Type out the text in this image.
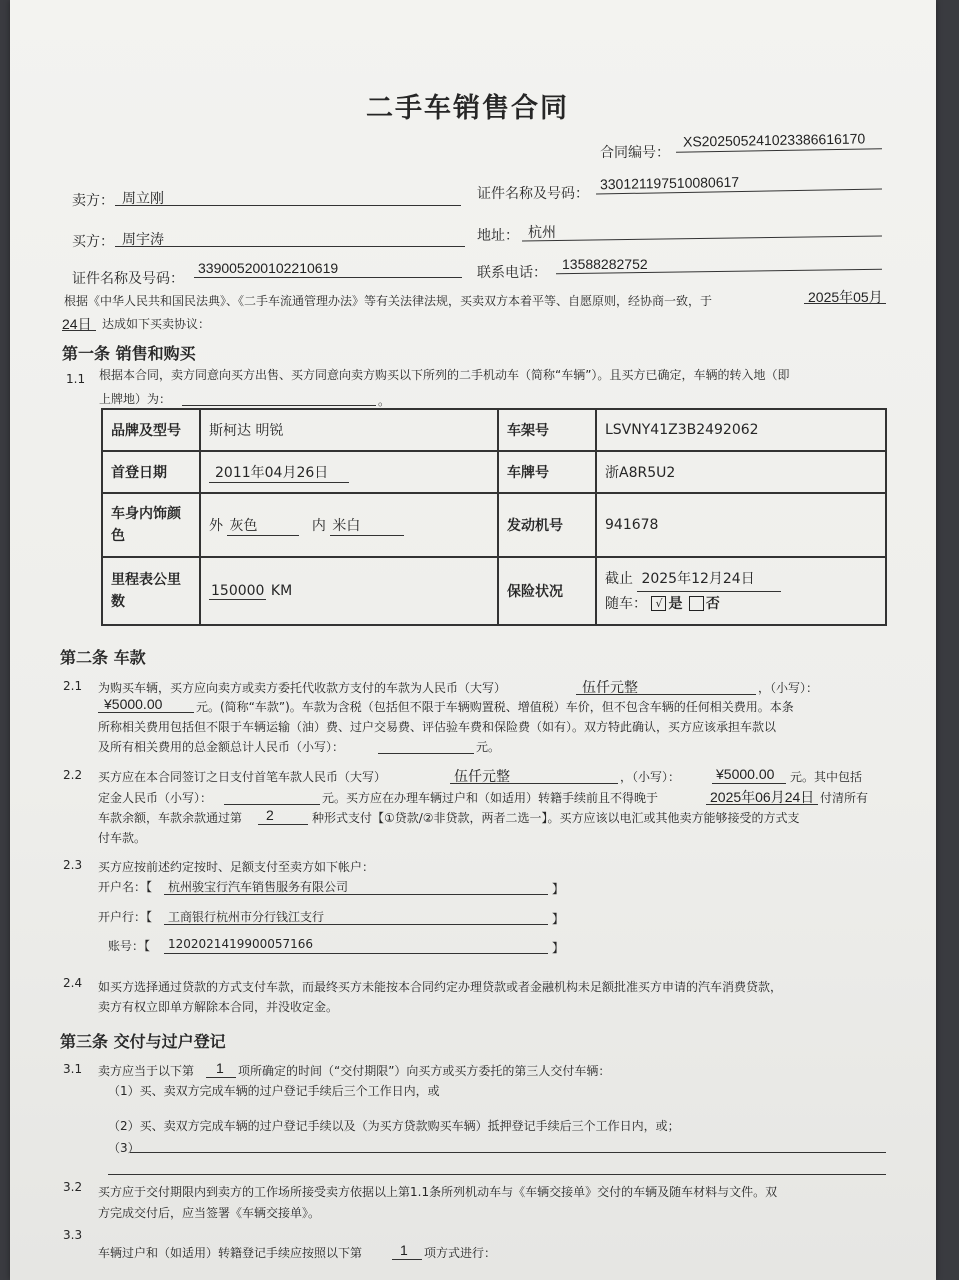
二手车销售合同
合同编号：
XS202505241023386616170
卖方： 周立刚	证件名称及号码：
330121197510080617
买方： 周宇涛	地址： 杭州
证件名称及号码：
339005200102210619	联系电话：
13588282752
根据《中华人民共和国民法典》、《二手车流通管理办法》等有关法律法规，买卖双方本着平等、自愿原则，经协商一致，于	2025年05月
24日 达成如下买卖协议：
第一条 销售和购买
1.1 根据本合同，卖方同意向买方出售、买方同意向卖方购买以下所列的二手机动车（简称“车辆”）。且买方已确定，车辆的转入地（即
上牌地）为：	。
品牌及型号	斯柯达 明锐	车架号	LSVNY41Z3B2492062
首登日期	2011年04月26日	车牌号	浙A8R5U2
车身内饰颜色	外 灰色 内 米白	发动机号	941678
里程表公里数	150000 KM	保险状况	截止 2025年12月24日
随车： √ 是 否
第二条 车款
2.1 为购买车辆，买方应向卖方或卖方委托代收款方支付的车款为人民币（大写）	伍仟元整	，（小写）：
¥5000.00	元。(简称“车款”)。车款为含税（包括但不限于车辆购置税、增值税）车价，但不包含车辆的任何相关费用。本条
所称相关费用包括但不限于车辆运输（油）费、过户交易费、评估验车费和保险费（如有）。双方特此确认，买方应该承担车款以
及所有相关费用的总金额总计人民币（小写）：	元。
2.2 买方应在本合同签订之日支付首笔车款人民币（大写）	伍仟元整	，（小写）：	¥5000.00 元。其中包括
定金人民币（小写）：	元。买方应在办理车辆过户和（如适用）转籍手续前且不得晚于	2025年06月24日 付清所有
车款余额，车款余款通过第 2	种形式支付【①贷款/②非贷款，两者二选一】。买方应该以电汇或其他卖方能够接受的方式支
付车款。
2.3 买方应按前述约定按时、足额支付至卖方如下帐户：
开户名：【 杭州骏宝行汽车销售服务有限公司	】
开户行：【 工商银行杭州市分行钱江支行	】
账号：【 1202021419900057166	】
2.4 如买方选择通过贷款的方式支付车款，而最终买方未能按本合同约定办理贷款或者金融机构未足额批准买方申请的汽车消费贷款，
卖方有权立即单方解除本合同，并没收定金。
第三条 交付与过户登记
3.1 卖方应当于以下第 1 项所确定的时间（“交付期限”）向买方或买方委托的第三人交付车辆：
（1）买、卖双方完成车辆的过户登记手续后三个工作日内，或
（2）买、卖双方完成车辆的过户登记手续以及（为买方贷款购买车辆）抵押登记手续后三个工作日内，或；
（3）
3.2 买方应于交付期限内到卖方的工作场所接受卖方依据以上第1.1条所列机动车与《车辆交接单》交付的车辆及随车材料与文件。双
方完成交付后，应当签署《车辆交接单》。
3.3
车辆过户和（如适用）转籍登记手续应按照以下第	1 项方式进行：
